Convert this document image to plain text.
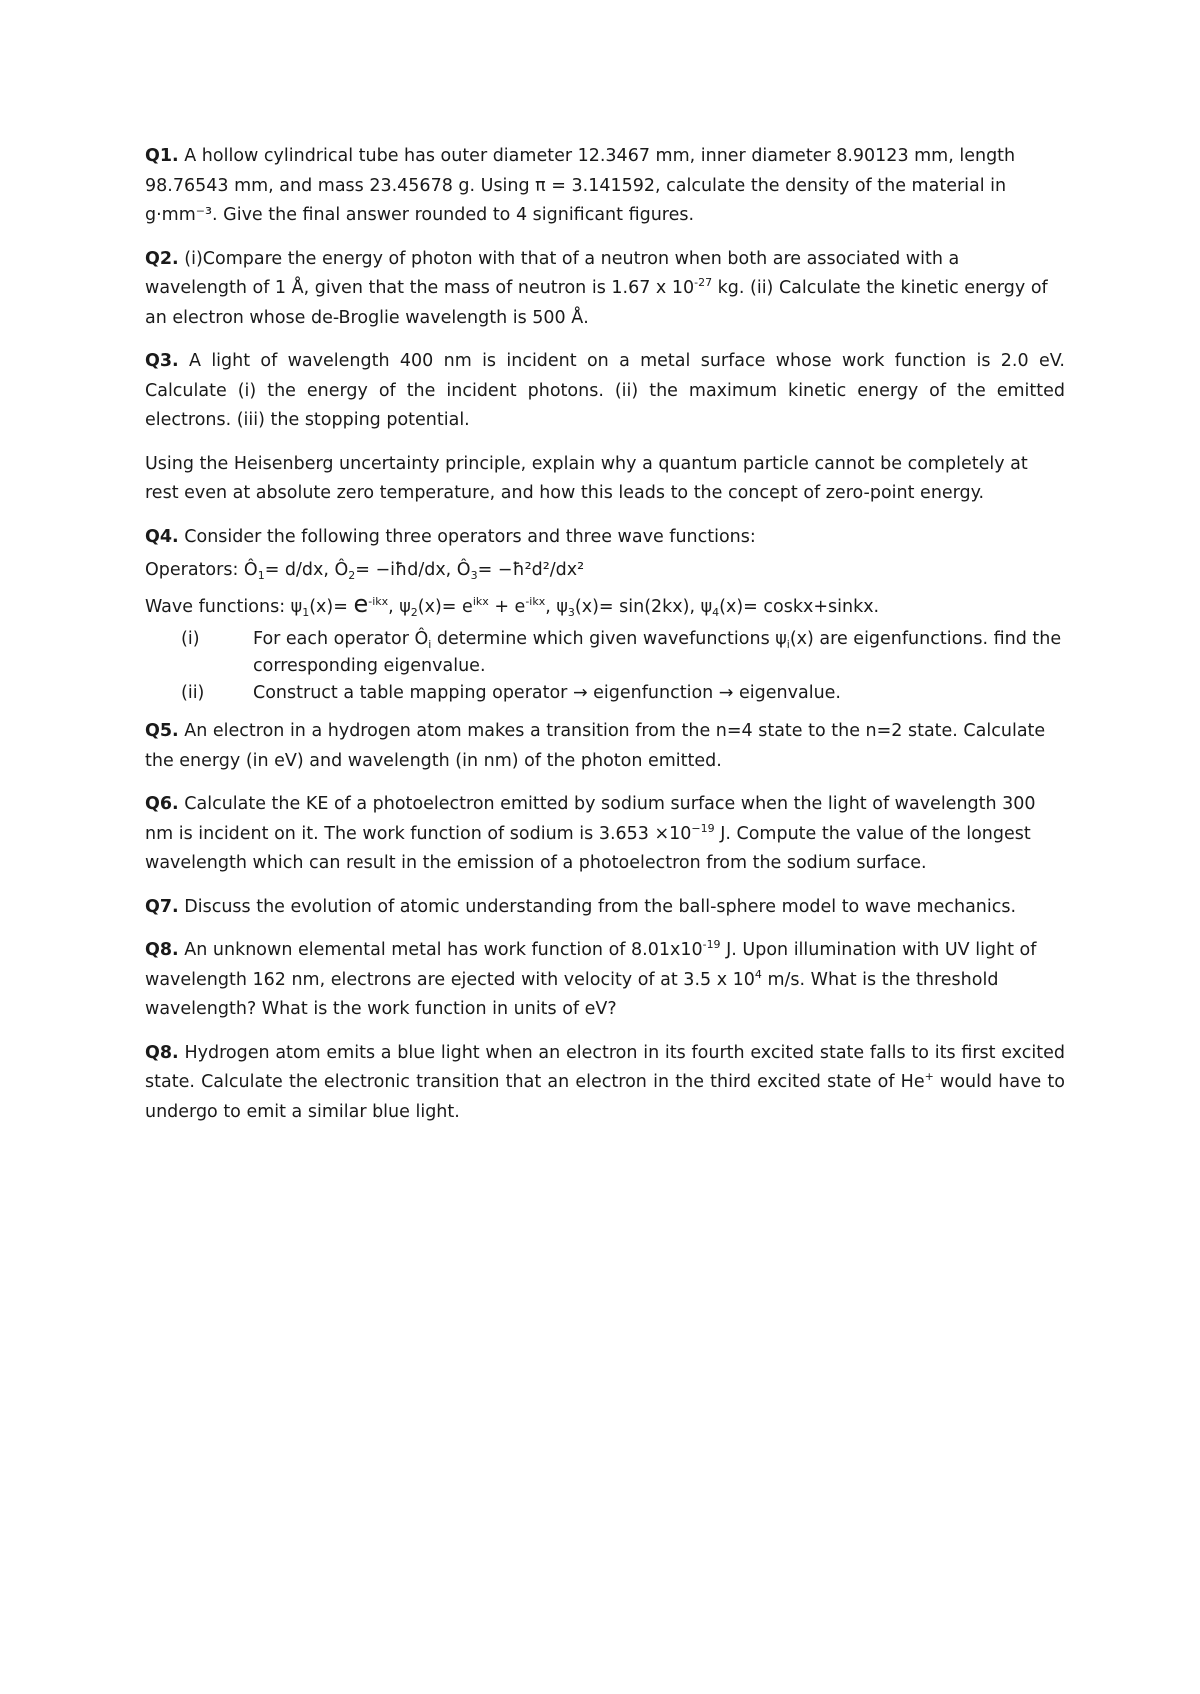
Q1. A hollow cylindrical tube has outer diameter 12.3467 mm, inner diameter 8.90123 mm, length 98.76543 mm, and mass 23.45678 g. Using π = 3.141592, calculate the density of the material in g·mm⁻³. Give the final answer rounded to 4 significant figures.

Q2. (i)Compare the energy of photon with that of a neutron when both are associated with a wavelength of 1 Å, given that the mass of neutron is 1.67 x $10^{-27}$ kg. (ii) Calculate the kinetic energy of an electron whose de-Broglie wavelength is 500 Å.

Q3. A light of wavelength 400 nm is incident on a metal surface whose work function is 2.0 eV. Calculate (i) the energy of the incident photons. (ii) the maximum kinetic energy of the emitted electrons. (iii) the stopping potential.

Using the Heisenberg uncertainty principle, explain why a quantum particle cannot be completely at rest even at absolute zero temperature, and how this leads to the concept of zero-point energy.

Q4. Consider the following three operators and three wave functions:

Operators: $Ô_1= d/dx$, $Ô_2=$ −iħd/dx, $Ô_3=$ −ħ²d²/dx²

Wave functions: $\psi_1(x)= e^{-ikx}$, $\psi_2(x)= e^{ikx} + e^{-ikx}$, $\psi_3(x)= \sin(2kx)$, $\psi_4(x)=$ coskx+sinkx.

(i)	For each operator $Ô_i$ determine which given wavefunctions $\psi_i(x)$ are eigenfunctions. find the corresponding eigenvalue.
(ii)	Construct a table mapping operator → eigenfunction → eigenvalue.

Q5. An electron in a hydrogen atom makes a transition from the n=4 state to the n=2 state. Calculate the energy (in eV) and wavelength (in nm) of the photon emitted.

Q6. Calculate the KE of a photoelectron emitted by sodium surface when the light of wavelength 300 nm is incident on it. The work function of sodium is $3.653 \times 10^{-19}$ J. Compute the value of the longest wavelength which can result in the emission of a photoelectron from the sodium surface.

Q7. Discuss the evolution of atomic understanding from the ball-sphere model to wave mechanics.

Q8. An unknown elemental metal has work function of $8.01x10^{-19}$ J. Upon illumination with UV light of wavelength 162 nm, electrons are ejected with velocity of at 3.5 x $10^4$ m/s. What is the threshold wavelength? What is the work function in units of eV?

Q8. Hydrogen atom emits a blue light when an electron in its fourth excited state falls to its first excited state. Calculate the electronic transition that an electron in the third excited state of He+ would have to undergo to emit a similar blue light.
